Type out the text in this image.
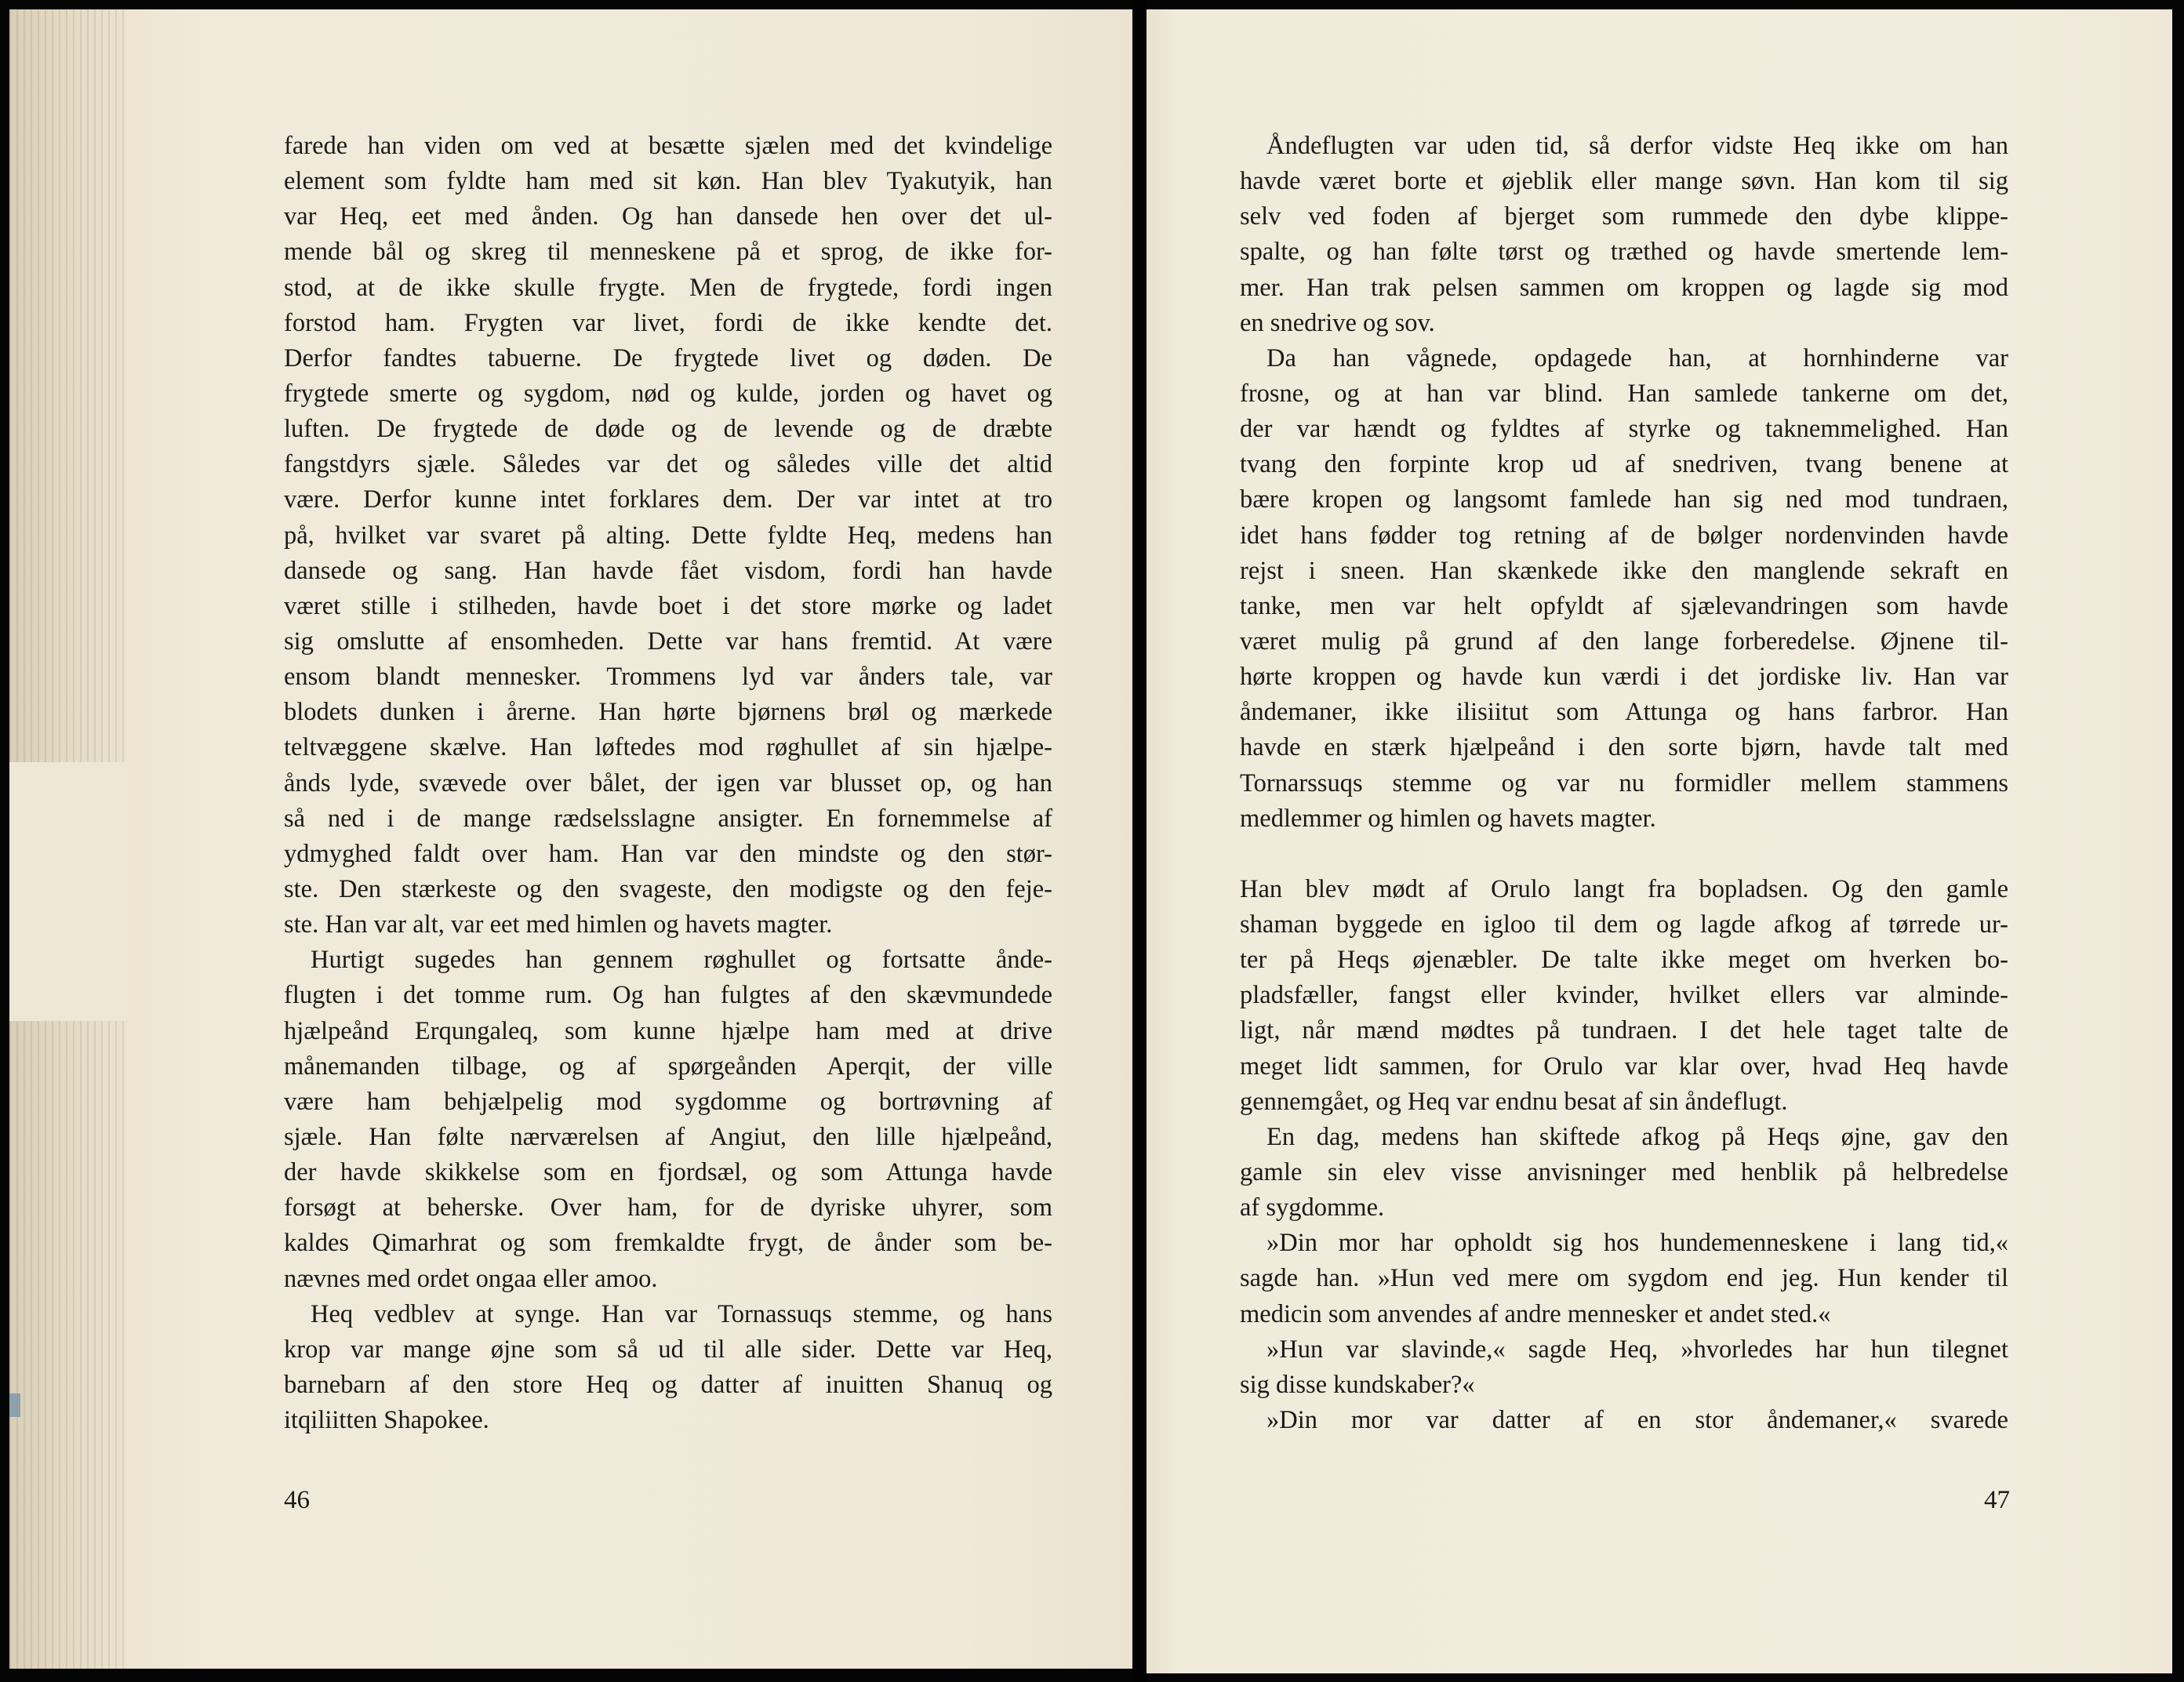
farede han viden om ved at besætte sjælen med det kvindelige
element som fyldte ham med sit køn. Han blev Tyakutyik, han
var Heq, eet med ånden. Og han dansede hen over det ul-
mende bål og skreg til menneskene på et sprog, de ikke for-
stod, at de ikke skulle frygte. Men de frygtede, fordi ingen
forstod ham. Frygten var livet, fordi de ikke kendte det.
Derfor fandtes tabuerne. De frygtede livet og døden. De
frygtede smerte og sygdom, nød og kulde, jorden og havet og
luften. De frygtede de døde og de levende og de dræbte
fangstdyrs sjæle. Således var det og således ville det altid
være. Derfor kunne intet forklares dem. Der var intet at tro
på, hvilket var svaret på alting. Dette fyldte Heq, medens han
dansede og sang. Han havde fået visdom, fordi han havde
været stille i stilheden, havde boet i det store mørke og ladet
sig omslutte af ensomheden. Dette var hans fremtid. At være
ensom blandt mennesker. Trommens lyd var ånders tale, var
blodets dunken i årerne. Han hørte bjørnens brøl og mærkede
teltvæggene skælve. Han løftedes mod røghullet af sin hjælpe-
ånds lyde, svævede over bålet, der igen var blusset op, og han
så ned i de mange rædselsslagne ansigter. En fornemmelse af
ydmyghed faldt over ham. Han var den mindste og den stør-
ste. Den stærkeste og den svageste, den modigste og den feje-
ste. Han var alt, var eet med himlen og havets magter.
Hurtigt sugedes han gennem røghullet og fortsatte ånde-
flugten i det tomme rum. Og han fulgtes af den skævmundede
hjælpeånd Erqungaleq, som kunne hjælpe ham med at drive
månemanden tilbage, og af spørgeånden Aperqit, der ville
være ham behjælpelig mod sygdomme og bortrøvning af
sjæle. Han følte nærværelsen af Angiut, den lille hjælpeånd,
der havde skikkelse som en fjordsæl, og som Attunga havde
forsøgt at beherske. Over ham, for de dyriske uhyrer, som
kaldes Qimarhrat og som fremkaldte frygt, de ånder som be-
nævnes med ordet ongaa eller amoo.
Heq vedblev at synge. Han var Tornassuqs stemme, og hans
krop var mange øjne som så ud til alle sider. Dette var Heq,
barnebarn af den store Heq og datter af inuitten Shanuq og
itqiliitten Shapokee.
46
Åndeflugten var uden tid, så derfor vidste Heq ikke om han
havde været borte et øjeblik eller mange søvn. Han kom til sig
selv ved foden af bjerget som rummede den dybe klippe-
spalte, og han følte tørst og træthed og havde smertende lem-
mer. Han trak pelsen sammen om kroppen og lagde sig mod
en snedrive og sov.
Da han vågnede, opdagede han, at hornhinderne var
frosne, og at han var blind. Han samlede tankerne om det,
der var hændt og fyldtes af styrke og taknemmelighed. Han
tvang den forpinte krop ud af snedriven, tvang benene at
bære kropen og langsomt famlede han sig ned mod tundraen,
idet hans fødder tog retning af de bølger nordenvinden havde
rejst i sneen. Han skænkede ikke den manglende sekraft en
tanke, men var helt opfyldt af sjælevandringen som havde
været mulig på grund af den lange forberedelse. Øjnene til-
hørte kroppen og havde kun værdi i det jordiske liv. Han var
åndemaner, ikke ilisiitut som Attunga og hans farbror. Han
havde en stærk hjælpeånd i den sorte bjørn, havde talt med
Tornarssuqs stemme og var nu formidler mellem stammens
medlemmer og himlen og havets magter.
Han blev mødt af Orulo langt fra bopladsen. Og den gamle
shaman byggede en igloo til dem og lagde afkog af tørrede ur-
ter på Heqs øjenæbler. De talte ikke meget om hverken bo-
pladsfæller, fangst eller kvinder, hvilket ellers var alminde-
ligt, når mænd mødtes på tundraen. I det hele taget talte de
meget lidt sammen, for Orulo var klar over, hvad Heq havde
gennemgået, og Heq var endnu besat af sin åndeflugt.
En dag, medens han skiftede afkog på Heqs øjne, gav den
gamle sin elev visse anvisninger med henblik på helbredelse
af sygdomme.
»Din mor har opholdt sig hos hundemenneskene i lang tid,«
sagde han. »Hun ved mere om sygdom end jeg. Hun kender til
medicin som anvendes af andre mennesker et andet sted.«
»Hun var slavinde,« sagde Heq, »hvorledes har hun tilegnet
sig disse kundskaber?«
»Din mor var datter af en stor åndemaner,« svarede
47
